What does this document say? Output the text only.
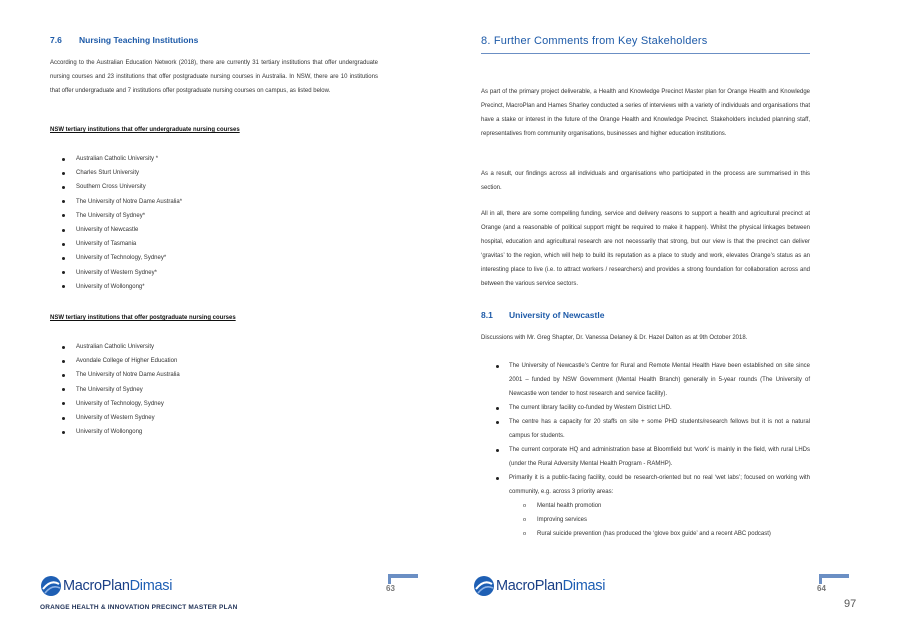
7.6 Nursing Teaching Institutions

According to the Australian Education Network (2018), there are currently 31 tertiary institutions that offer undergraduate nursing courses and 23 institutions that offer postgraduate nursing courses in Australia. In NSW, there are 10 institutions that offer undergraduate and 7 institutions offer postgraduate nursing courses on campus, as listed below.

NSW tertiary institutions that offer undergraduate nursing courses
Australian Catholic University *
Charles Sturt University
Southern Cross University
The University of Notre Dame Australia*
The University of Sydney*
University of Newcastle
University of Tasmania
University of Technology, Sydney*
University of Western Sydney*
University of Wollongong*
NSW tertiary institutions that offer postgraduate nursing courses
Australian Catholic University
Avondale College of Higher Education
The University of Notre Dame Australia
The University of Sydney
University of Technology, Sydney
University of Western Sydney
University of Wollongong
MacroPlanDimasi	63
ORANGE HEALTH & INNOVATION PRECINCT MASTER PLAN
8. Further Comments from Key Stakeholders

As part of the primary project deliverable, a Health and Knowledge Precinct Master plan for Orange Health and Knowledge Precinct, MacroPlan and Hames Sharley conducted a series of interviews with a variety of individuals and organisations that have a stake or interest in the future of the Orange Health and Knowledge Precinct. Stakeholders included planning staff, representatives from community organisations, businesses and higher education institutions.

As a result, our findings across all individuals and organisations who participated in the process are summarised in this section.

All in all, there are some compelling funding, service and delivery reasons to support a health and agricultural precinct at Orange (and a reasonable of political support might be required to make it happen). Whilst the physical linkages between hospital, education and agricultural research are not necessarily that strong, but our view is that the precinct can deliver ‘gravitas’ to the region, which will help to build its reputation as a place to study and work, elevates Orange’s status as an interesting place to live (i.e. to attract workers / researchers) and provides a strong foundation for collaboration across and between the various service sectors.

8.1 University of Newcastle

Discussions with Mr. Greg Shapter, Dr. Vanessa Delaney & Dr. Hazel Dalton as at 9th October 2018.

The University of Newcastle’s Centre for Rural and Remote Mental Health Have been established on site since 2001 – funded by NSW Government (Mental Health Branch) generally in 5-year rounds (The University of Newcastle won tender to host research and service facility).
The current library facility co-funded by Western District LHD.
The centre has a capacity for 20 staffs on site + some PHD students/research fellows but it is not a natural campus for students.
The current corporate HQ and administration base at Bloomfield but ‘work’ is mainly in the field, with rural LHDs (under the Rural Adversity Mental Health Program - RAMHP).
Primarily it is a public-facing facility, could be research-oriented but no real ‘wet labs’; focused on working with community, e.g. across 3 priority areas:
o Mental health promotion
o Improving services
o Rural suicide prevention (has produced the ‘glove box guide’ and a recent ABC podcast)
MacroPlanDimasi	64
97
